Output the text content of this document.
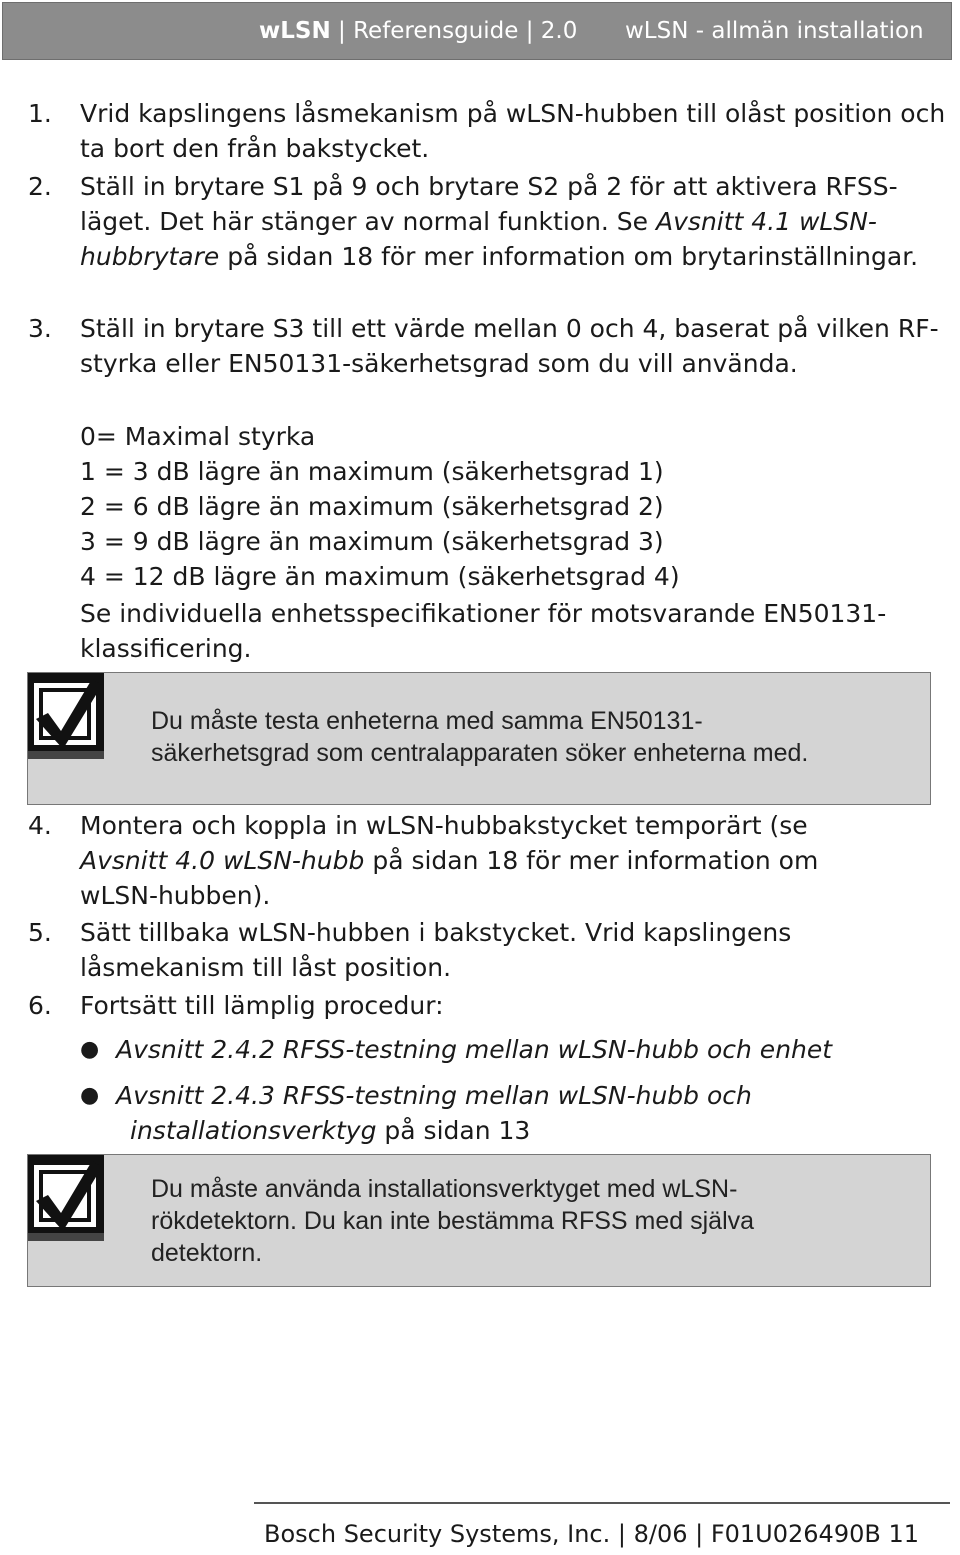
wLSN | Referensguide | 2.0 wLSN - allmän installation
1. Vrid kapslingens låsmekanism på wLSN-hubben till olåst position och ta bort den från bakstycket.
2. Ställ in brytare S1 på 9 och brytare S2 på 2 för att aktivera RFSS-läget. Det här stänger av normal funktion. Se Avsnitt 4.1 wLSN-hubbrytare på sidan 18 för mer information om brytarinställningar.
3. Ställ in brytare S3 till ett värde mellan 0 och 4, baserat på vilken RF-styrka eller EN50131-säkerhetsgrad som du vill använda.
0= Maximal styrka
1 = 3 dB lägre än maximum (säkerhetsgrad 1)
2 = 6 dB lägre än maximum (säkerhetsgrad 2)
3 = 9 dB lägre än maximum (säkerhetsgrad 3)
4 = 12 dB lägre än maximum (säkerhetsgrad 4)
Se individuella enhetsspecifikationer för motsvarande EN50131-
klassificering.
Du måste testa enheterna med samma EN50131-
säkerhetsgrad som centralapparaten söker enheterna med.
4. Montera och koppla in wLSN-hubbakstycket temporärt (se
Avsnitt 4.0 wLSN-hubb på sidan 18 för mer information om
wLSN-hubben).
5. Sätt tillbaka wLSN-hubben i bakstycket. Vrid kapslingens
låsmekanism till låst position.
6. Fortsätt till lämplig procedur:
● Avsnitt 2.4.2 RFSS-testning mellan wLSN-hubb och enhet
● Avsnitt 2.4.3 RFSS-testning mellan wLSN-hubb och
installationsverktyg på sidan 13
Du måste använda installationsverktyget med wLSN-
rökdetektorn. Du kan inte bestämma RFSS med själva
detektorn.
Bosch Security Systems, Inc. | 8/06 | F01U026490B 11
